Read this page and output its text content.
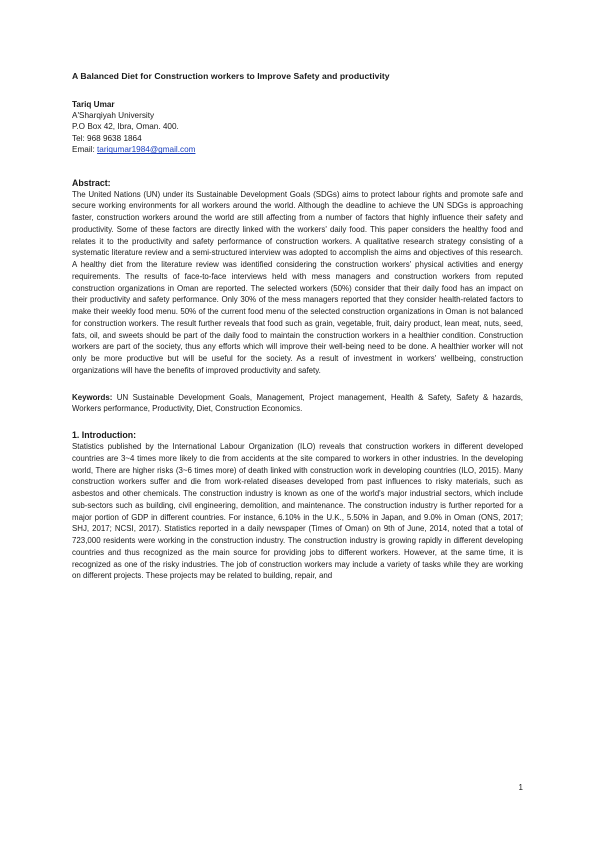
A Balanced Diet for Construction workers to Improve Safety and productivity

Tariq Umar

A'Sharqiyah University

P.O Box 42, Ibra, Oman. 400.

Tel: 968 9638 1864

Email: tariqumar1984@gmail.com

Abstract:

The United Nations (UN) under its Sustainable Development Goals (SDGs) aims to protect labour rights and promote safe and secure working environments for all workers around the world. Although the deadline to achieve the UN SDGs is approaching faster, construction workers around the world are still affecting from a number of factors that highly influence their safety and productivity. Some of these factors are directly linked with the workers' daily food. This paper considers the healthy food and relates it to the productivity and safety performance of construction workers. A qualitative research strategy consisting of a systematic literature review and a semi-structured interview was adopted to accomplish the aims and objectives of this research. A healthy diet from the literature review was identified considering the construction workers' physical activities and energy requirements. The results of face-to-face interviews held with mess managers and construction workers from reputed construction organizations in Oman are reported. The selected workers (50%) consider that their daily food has an impact on their productivity and safety performance. Only 30% of the mess managers reported that they consider health-related factors to make their weekly food menu. 50% of the current food menu of the selected construction organizations in Oman is not balanced for construction workers. The result further reveals that food such as grain, vegetable, fruit, dairy product, lean meat, nuts, seed, fats, oil, and sweets should be part of the daily food to maintain the construction workers in a healthier condition. Construction workers are part of the society, thus any efforts which will improve their well-being need to be done. A healthier worker will not only be more productive but will be useful for the society. As a result of investment in workers' wellbeing, construction organizations will have the benefits of improved productivity and safety.

Keywords: UN Sustainable Development Goals, Management, Project management, Health & Safety, Safety & hazards, Workers performance, Productivity, Diet, Construction Economics.

1. Introduction:

Statistics published by the International Labour Organization (ILO) reveals that construction workers in different developed countries are 3~4 times more likely to die from accidents at the site compared to workers in other industries. In the developing world, There are higher risks (3~6 times more) of death linked with construction work in developing countries (ILO, 2015). Many construction workers suffer and die from work-related diseases developed from past influences to risky materials, such as asbestos and other chemicals. The construction industry is known as one of the world's major industrial sectors, which include sub-sectors such as building, civil engineering, demolition, and maintenance. The construction industry is further reported for a major portion of GDP in different countries. For instance, 6.10% in the U.K., 5.50% in Japan, and 9.0% in Oman (ONS, 2017; SHJ, 2017; NCSI, 2017). Statistics reported in a daily newspaper (Times of Oman) on 9th of June, 2014, noted that a total of 723,000 residents were working in the construction industry. The construction industry is growing rapidly in different developing countries and thus recognized as the main source for providing jobs to different workers. However, at the same time, it is recognized as one of the risky industries. The job of construction workers may include a variety of tasks while they are working on different projects. These projects may be related to building, repair, and

1
